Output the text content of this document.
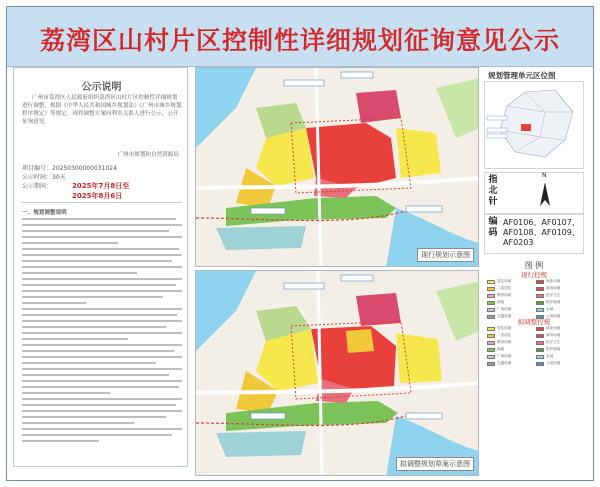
荔湾区山村片区控制性详细规划征询意见公示
公示说明

广州市荔湾区人民政府组织荔湾区山村片区控制性详细规划进行调整，根据《中华人民共和国城乡规划法》《广州市城乡规划程序规定》等规定，现将调整方案向利害关系人进行公示，公开征询意见。

广州市规划和自然资源局
项目编号：20250300000031024
公示时间：30天
公示期间：	2025年7月8日至
2025年8月6日
一、规划调整说明
现行规划示意图
拟调整规划草案示意图
规划管理单元区位图
指北针
N
编码
AF0106、AF0107、AF0108、AF0109、AF0203
图 例
现行控规
居住用地	商业用地
二类居住	商务用地
教育用地	医疗卫生
绿地	防护绿地
广场用地	水域
交通设施	公用设施
拟调整控规
居住用地	商业用地
二类居住	商务用地
教育用地	医疗卫生
绿地	防护绿地
广场用地	水域
交通设施	公用设施
